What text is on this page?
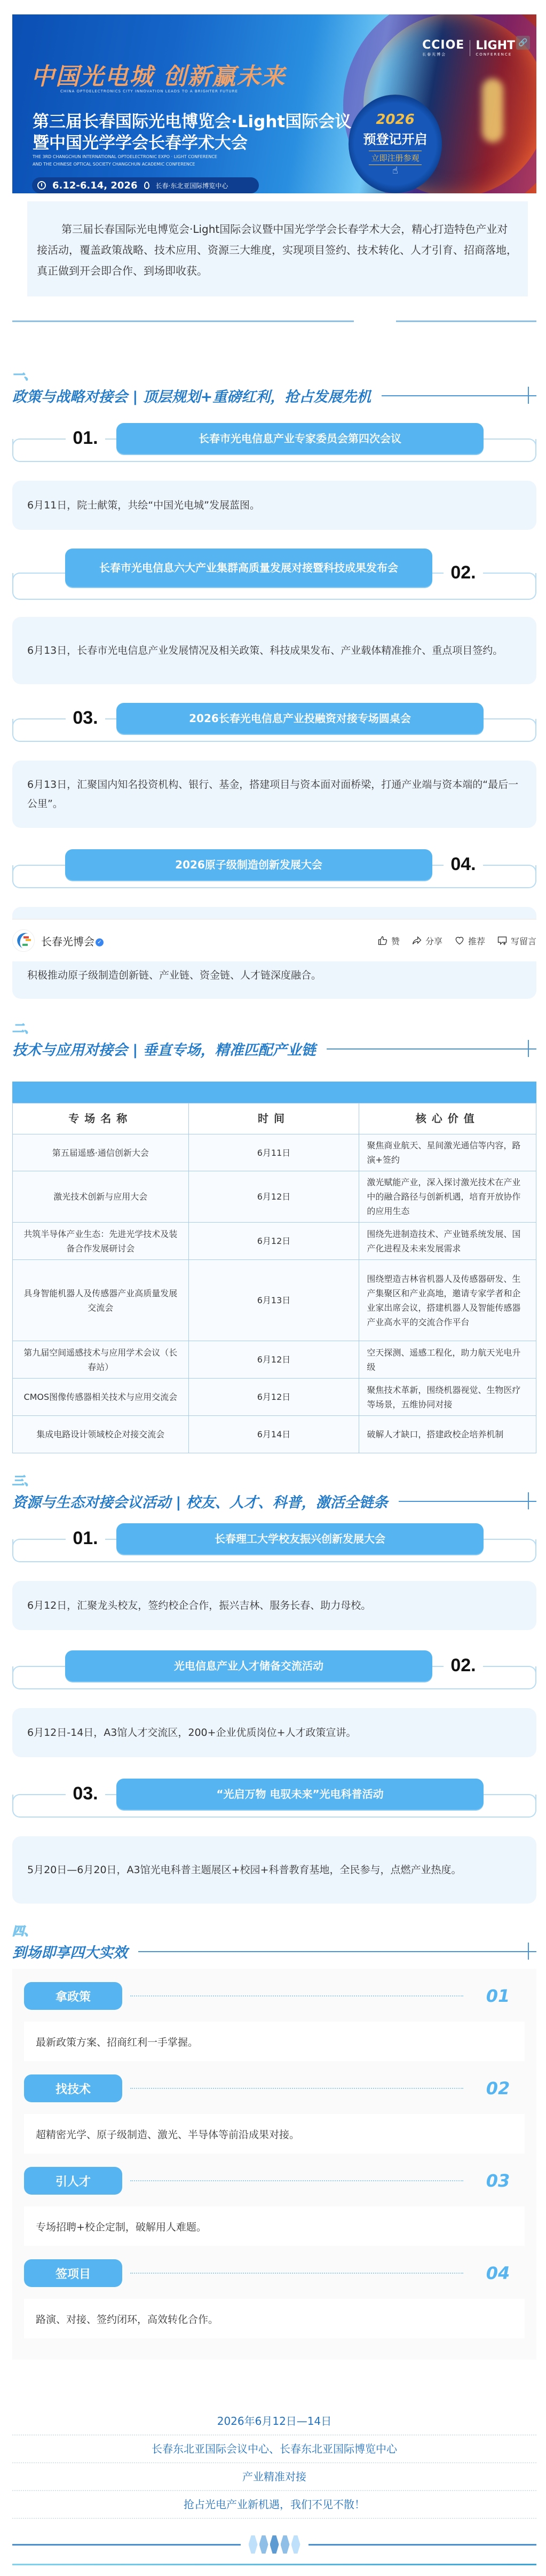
中国光电城 创新赢未来
CHINA OPTOELECTRONICS CITY INNOVATION LEADS TO A BRIGHTER FUTURE
第三届长春国际光电博览会·Light国际会议
暨中国光学学会长春学术大会
THE 3RD CHANGCHUN INTERNATIONAL OPTOELECTRONIC EXPO · LIGHT CONFERENCE
AND THE CHINESE OPTICAL SOCIETY CHANGCHUN ACADEMIC CONFERENCE
6.12-6.14, 2026	长春·东北亚国际博览中心
2026
预登记开启
立即注册参观
☝
CCIOE
长春光博会
LIGHT
CONFERENCE
🔗
第三届长春国际光电博览会·Light国际会议暨中国光学学会长春学术大会，精心打造特色产业对接活动，覆盖政策战略、技术应用、资源三大维度，实现项目签约、技术转化、人才引育、招商落地，真正做到开会即合作、到场即收获。
一、
政策与战略对接会 | 顶层规划+重磅红利，抢占发展先机
01.	长春市光电信息产业专家委员会第四次会议
6月11日，院士献策，共绘“中国光电城”发展蓝图。
长春市光电信息六大产业集群高质量发展对接暨科技成果发布会	02.
6月13日，长春市光电信息产业发展情况及相关政策、科技成果发布、产业载体精准推介、重点项目签约。
03.	2026长春光电信息产业投融资对接专场圆桌会
6月13日，汇聚国内知名投资机构、银行、基金，搭建项目与资本面对面桥梁，打通产业端与资本端的“最后一公里”。
2026原子级制造创新发展大会	04.
长春光博会 ✓	赞	分享	推荐	写留言
积极推动原子级制造创新链、产业链、资金链、人才链深度融合。
二、
技术与应用对接会 | 垂直专场，精准匹配产业链
专场名称	时间	核心价值
第五届遥感·通信创新大会	6月11日	聚焦商业航天、星间激光通信等内容，路演+签约
激光技术创新与应用大会	6月12日	激光赋能产业，深入探讨激光技术在产业中的融合路径与创新机遇，培育开放协作的应用生态
共筑半导体产业生态：先进光学技术及装备合作发展研讨会	6月12日	围绕先进制造技术、产业链系统发展、国产化进程及未来发展需求
具身智能机器人及传感器产业高质量发展交流会	6月13日	围绕塑造吉林省机器人及传感器研发、生产集聚区和产业高地，邀请专家学者和企业家出席会议，搭建机器人及智能传感器产业高水平的交流合作平台
第九届空间遥感技术与应用学术会议（长春站）	6月12日	空天探测、遥感工程化，助力航天光电升级
CMOS图像传感器相关技术与应用交流会	6月12日	聚焦技术革新，围绕机器视觉、生物医疗等场景，五维协同对接
集成电路设计领域校企对接交流会	6月14日	破解人才缺口，搭建政校企培养机制
三、
资源与生态对接会议活动 | 校友、人才、科普，激活全链条
01.	长春理工大学校友振兴创新发展大会
6月12日，汇聚龙头校友，签约校企合作，振兴吉林、服务长春、助力母校。
光电信息产业人才储备交流活动	02.
6月12日-14日，A3馆人才交流区，200+企业优质岗位+人才政策宣讲。
03.	“光启万物 电驭未来”光电科普活动
5月20日—6月20日，A3馆光电科普主题展区+校园+科普教育基地，全民参与，点燃产业热度。
四、
到场即享四大实效
拿政策	01
最新政策方案、招商红利一手掌握。
找技术	02
超精密光学、原子级制造、激光、半导体等前沿成果对接。
引人才	03
专场招聘+校企定制，破解用人难题。
签项目	04
路演、对接、签约闭环，高效转化合作。
2026年6月12日—14日
长春东北亚国际会议中心、长春东北亚国际博览中心
产业精准对接
抢占光电产业新机遇，我们不见不散！
